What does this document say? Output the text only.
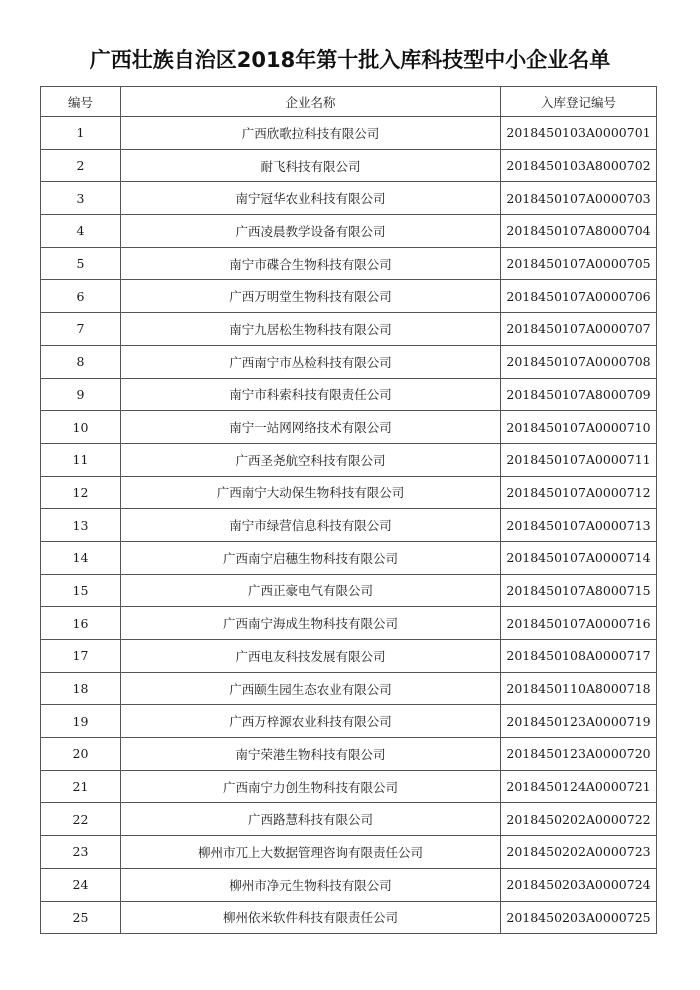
广西壮族自治区2018年第十批入库科技型中小企业名单
编号	企业名称	入库登记编号
1	广西欣歌拉科技有限公司	2018450103A0000701
2	耐飞科技有限公司	2018450103A8000702
3	南宁冠华农业科技有限公司	2018450107A0000703
4	广西凌晨教学设备有限公司	2018450107A8000704
5	南宁市碟合生物科技有限公司	2018450107A0000705
6	广西万明堂生物科技有限公司	2018450107A0000706
7	南宁九居松生物科技有限公司	2018450107A0000707
8	广西南宁市丛检科技有限公司	2018450107A0000708
9	南宁市科索科技有限责任公司	2018450107A8000709
10	南宁一站网网络技术有限公司	2018450107A0000710
11	广西圣尧航空科技有限公司	2018450107A0000711
12	广西南宁大动保生物科技有限公司	2018450107A0000712
13	南宁市绿营信息科技有限公司	2018450107A0000713
14	广西南宁启穗生物科技有限公司	2018450107A0000714
15	广西正豪电气有限公司	2018450107A8000715
16	广西南宁海成生物科技有限公司	2018450107A0000716
17	广西电友科技发展有限公司	2018450108A0000717
18	广西颐生园生态农业有限公司	2018450110A8000718
19	广西万梓源农业科技有限公司	2018450123A0000719
20	南宁荣港生物科技有限公司	2018450123A0000720
21	广西南宁力创生物科技有限公司	2018450124A0000721
22	广西路慧科技有限公司	2018450202A0000722
23	柳州市兀上大数据管理咨询有限责任公司	2018450202A0000723
24	柳州市净元生物科技有限公司	2018450203A0000724
25	柳州依米软件科技有限责任公司	2018450203A0000725
